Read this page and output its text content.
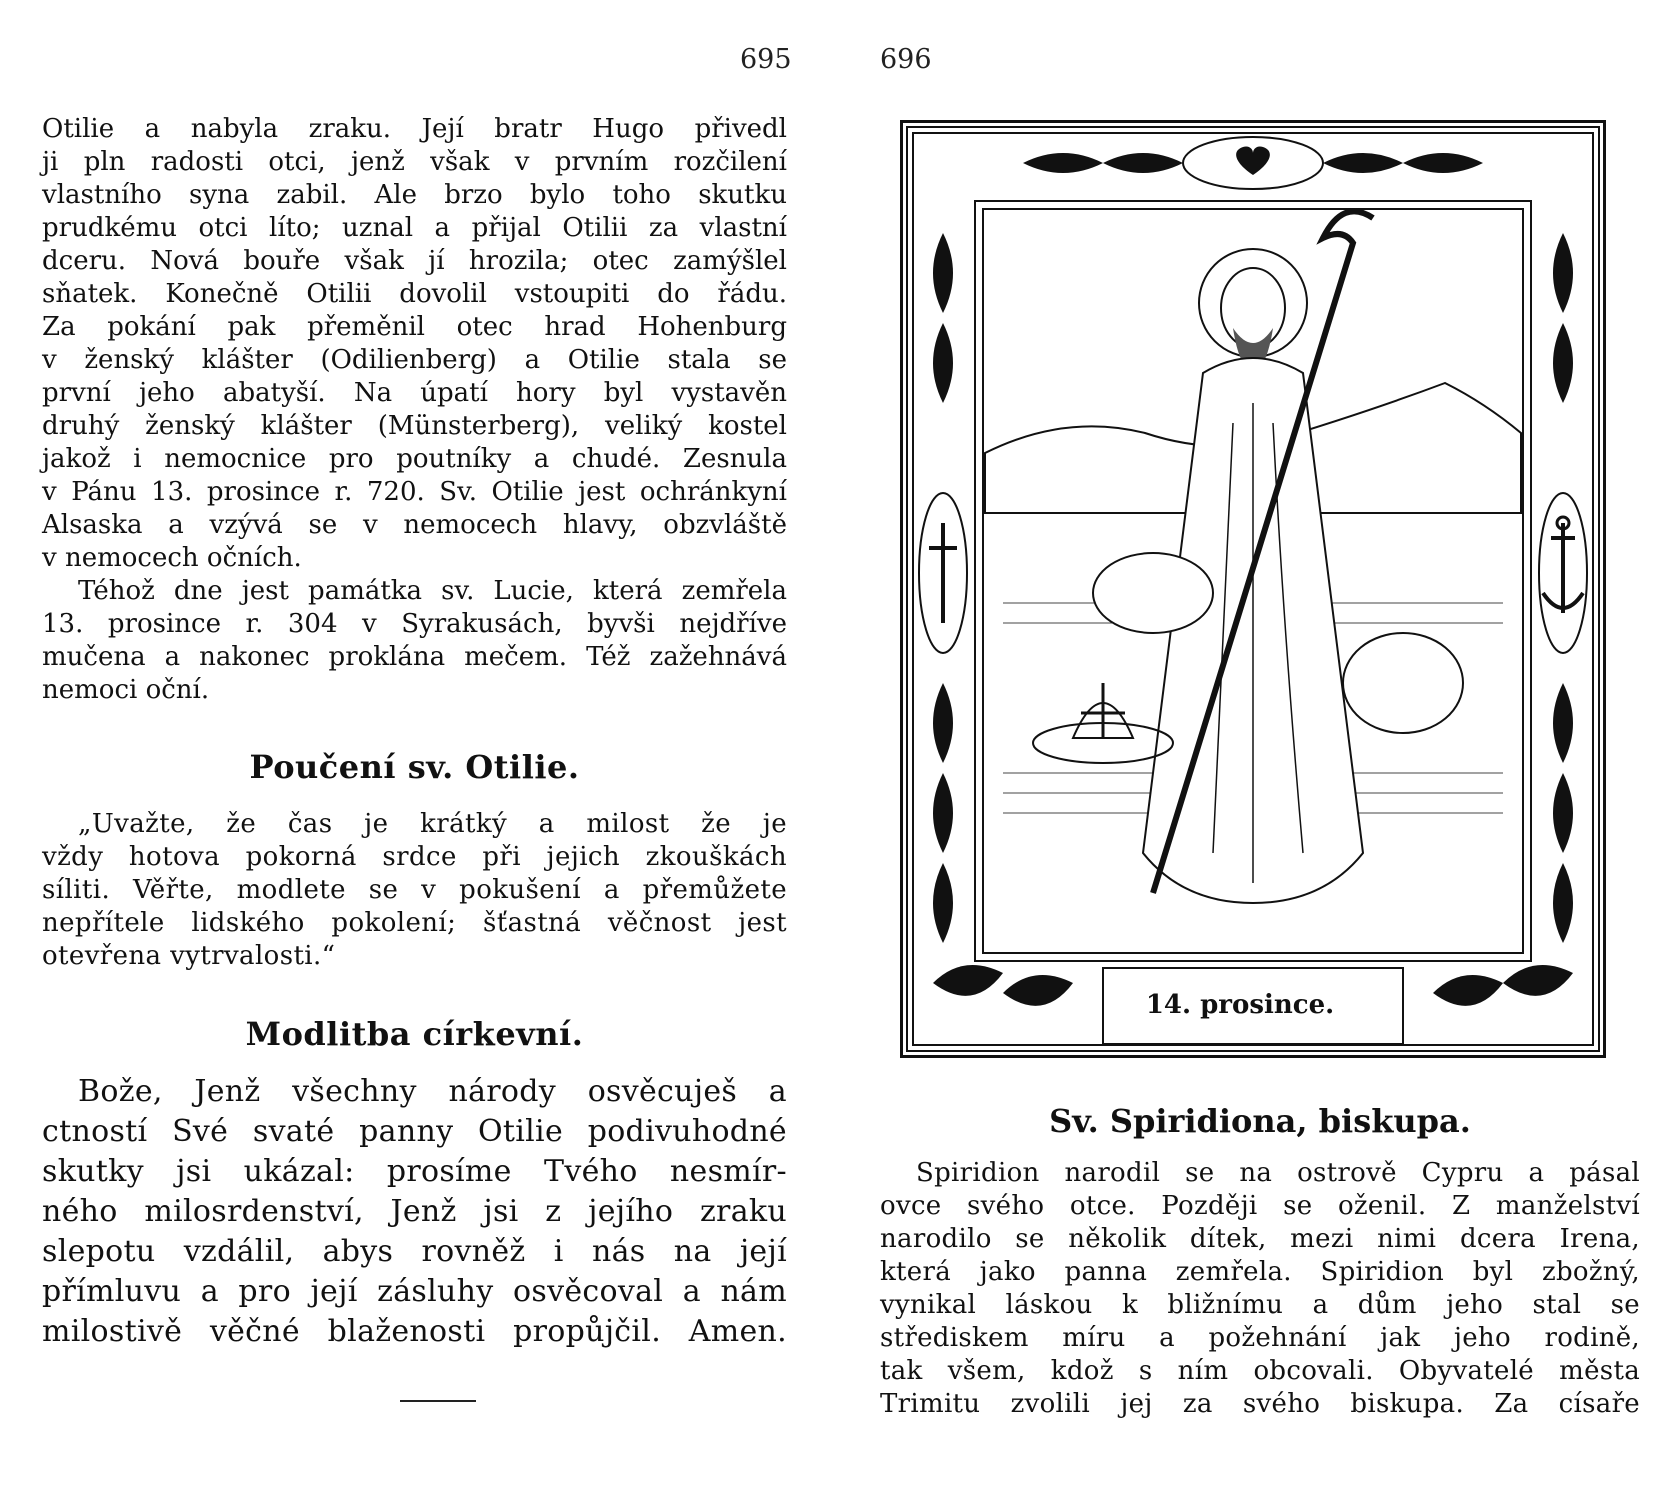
695
Otilie a nabyla zraku. Její bratr Hugo přivedl
ji pln radosti otci, jenž však v prvním rozčilení
vlastního syna zabil. Ale brzo bylo toho skutku
prudkému otci líto; uznal a přijal Otilii za vlastní
dceru. Nová bouře však jí hrozila; otec zamýšlel
sňatek. Konečně Otilii dovolil vstoupiti do řádu.
Za pokání pak přeměnil otec hrad Hohenburg
v ženský klášter (Odilienberg) a Otilie stala se
první jeho abatyší. Na úpatí hory byl vystavěn
druhý ženský klášter (Münsterberg), veliký kostel
jakož i nemocnice pro poutníky a chudé. Zesnula
v Pánu 13. prosince r. 720. Sv. Otilie jest ochránkyní
Alsaska a vzývá se v nemocech hlavy, obzvláště
v nemocech očních.
Téhož dne jest památka sv. Lucie, která zemřela
13. prosince r. 304 v Syrakusách, byvši nejdříve
mučena a nakonec proklána mečem. Též zažehnává
nemoci oční.
Poučení sv. Otilie.
„Uvažte, že čas je krátký a milost že je
vždy hotova pokorná srdce při jejich zkouškách
síliti. Věřte, modlete se v pokušení a přemůžete
nepřítele lidského pokolení; šťastná věčnost jest
otevřena vytrvalosti.“
Modlitba církevní.
Bože, Jenž všechny národy osvěcuješ a
ctností Své svaté panny Otilie podivuhodné
skutky jsi ukázal: prosíme Tvého nesmír-
ného milosrdenství, Jenž jsi z jejího zraku
slepotu vzdálil, abys rovněž i nás na její
přímluvu a pro její zásluhy osvěcoval a nám
milostivě věčné blaženosti propůjčil. Amen.
696
14. prosince.
Sv. Spiridiona, biskupa.
Spiridion narodil se na ostrově Cypru a pásal
ovce svého otce. Později se oženil. Z manželství
narodilo se několik dítek, mezi nimi dcera Irena,
která jako panna zemřela. Spiridion byl zbožný,
vynikal láskou k bližnímu a dům jeho stal se
střediskem míru a požehnání jak jeho rodině,
tak všem, kdož s ním obcovali. Obyvatelé města
Trimitu zvolili jej za svého biskupa. Za císaře
